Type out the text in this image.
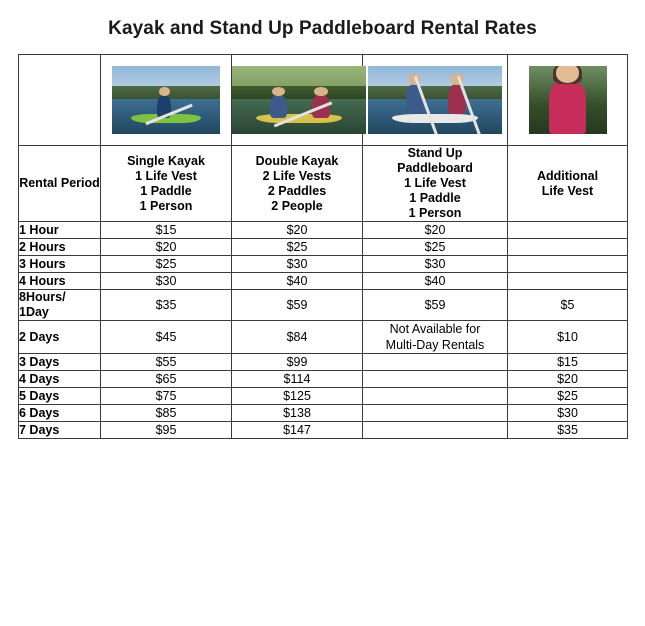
Kayak and Stand Up Paddleboard Rental Rates

Rental Period	Single Kayak
1 Life Vest
1 Paddle
1 Person	Double Kayak
2 Life Vests
2 Paddles
2 People	Stand Up
Paddleboard
1 Life Vest
1 Paddle
1 Person	Additional
Life Vest

1 Hour	$15	$20	$20	
2 Hours	$20	$25	$25	
3 Hours	$25	$30	$30	
4 Hours	$30	$40	$40	

8Hours/
1Day	$35	$59	$59	$5
2 Days	$45	$84	Not Available for
Multi-Day Rentals	$10
3 Days	$55	$99		$15
4 Days	$65	$114		$20
5 Days	$75	$125		$25
6 Days	$85	$138		$30
7 Days	$95	$147		$35
